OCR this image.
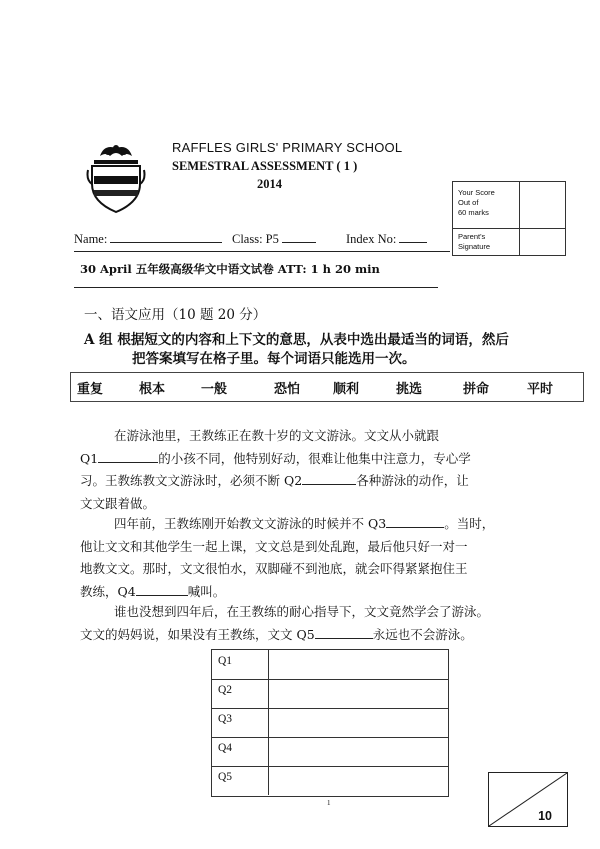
RAFFLES GIRLS' PRIMARY SCHOOL
SEMESTRAL ASSESSMENT ( 1 )
2014
Your Score
Out of
60 marks
Parent's
Signature
Name:	Class: P5	Index No:
30 April 五年级高级华文中语文试卷 ATT: 1 h 20 min
一、语文应用（10 题 20 分）
A 组 根据短文的内容和上下文的意思，从表中选出最适当的词语，然后
把答案填写在格子里。每个词语只能选用一次。
重复	根本	一般	恐怕	顺利	挑选	拼命	平时
在游泳池里，王教练正在教十岁的文文游泳。文文从小就跟
Q1	的小孩不同，他特别好动，很难让他集中注意力，专心学
习。王教练教文文游泳时，必须不断 Q2	各种游泳的动作，让
文文跟着做。
四年前，王教练刚开始教文文游泳的时候并不 Q3	。当时，
他让文文和其他学生一起上课，文文总是到处乱跑，最后他只好一对一
地教文文。那时，文文很怕水，双脚碰不到池底，就会吓得紧紧抱住王
教练，Q4	喊叫。
谁也没想到四年后，在王教练的耐心指导下，文文竟然学会了游泳。
文文的妈妈说，如果没有王教练，文文 Q5	永远也不会游泳。
Q1
Q2
Q3
Q4
Q5
1
10
